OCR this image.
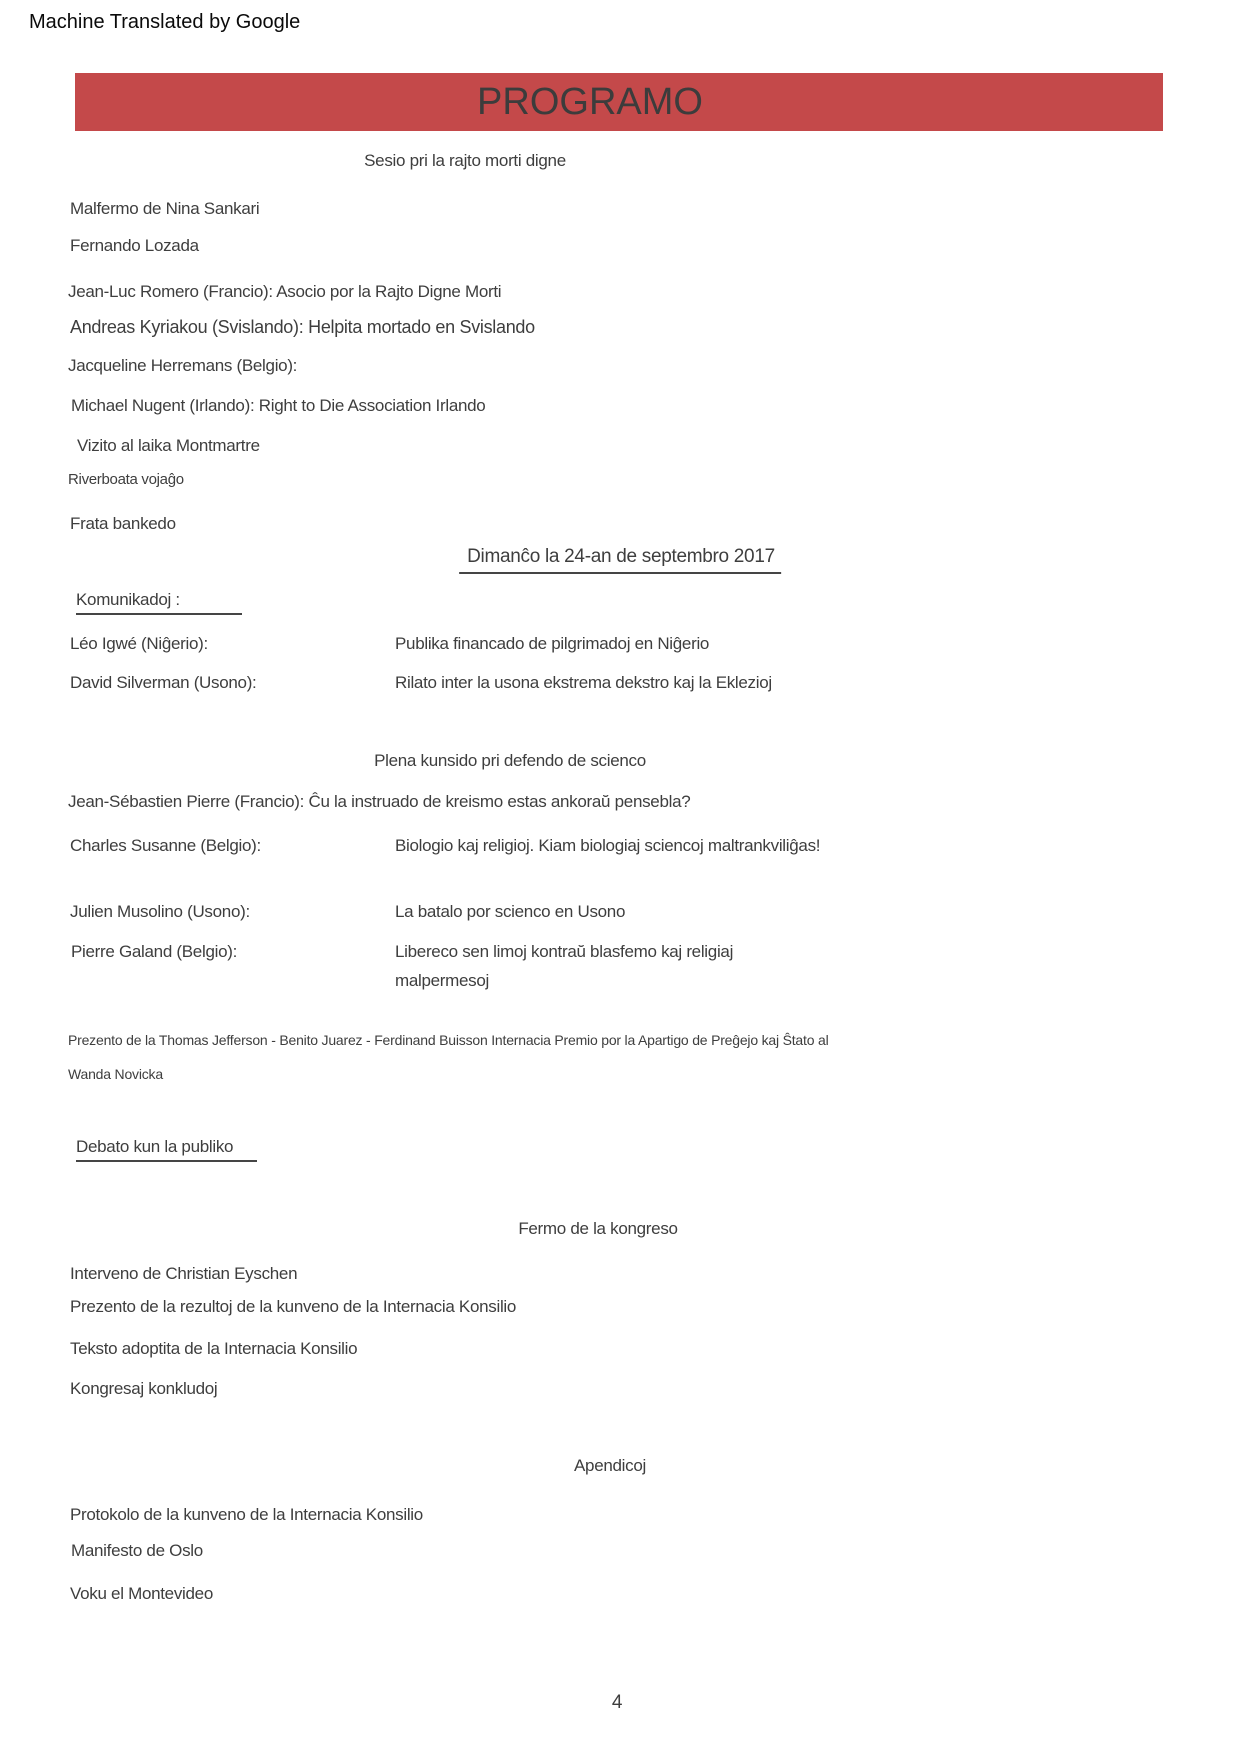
Machine Translated by Google
PROGRAMO
Sesio pri la rajto morti digne
Malfermo de Nina Sankari
Fernando Lozada
Jean-Luc Romero (Francio): Asocio por la Rajto Digne Morti
Andreas Kyriakou (Svislando): Helpita mortado en Svislando
Jacqueline Herremans (Belgio):
Michael Nugent (Irlando): Right to Die Association Irlando
Vizito al laika Montmartre
Riverboata vojaĝo
Frata bankedo
Dimanĉo la 24-an de septembro 2017
Komunikadoj :
Léo Igwé (Niĝerio):	Publika financado de pilgrimadoj en Niĝerio
David Silverman (Usono):	Rilato inter la usona ekstrema dekstro kaj la Eklezioj
Plena kunsido pri defendo de scienco
Jean-Sébastien Pierre (Francio): Ĉu la instruado de kreismo estas ankoraŭ pensebla?
Charles Susanne (Belgio):	Biologio kaj religioj. Kiam biologiaj sciencoj maltrankviliĝas!
Julien Musolino (Usono):	La batalo por scienco en Usono
Pierre Galand (Belgio):	Libereco sen limoj kontraŭ blasfemo kaj religiaj
malpermesoj
Prezento de la Thomas Jefferson - Benito Juarez - Ferdinand Buisson Internacia Premio por la Apartigo de Preĝejo kaj Ŝtato al
Wanda Novicka
Debato kun la publiko
Fermo de la kongreso
Interveno de Christian Eyschen
Prezento de la rezultoj de la kunveno de la Internacia Konsilio
Teksto adoptita de la Internacia Konsilio
Kongresaj konkludoj
Apendicoj
Protokolo de la kunveno de la Internacia Konsilio
Manifesto de Oslo
Voku el Montevideo
4
